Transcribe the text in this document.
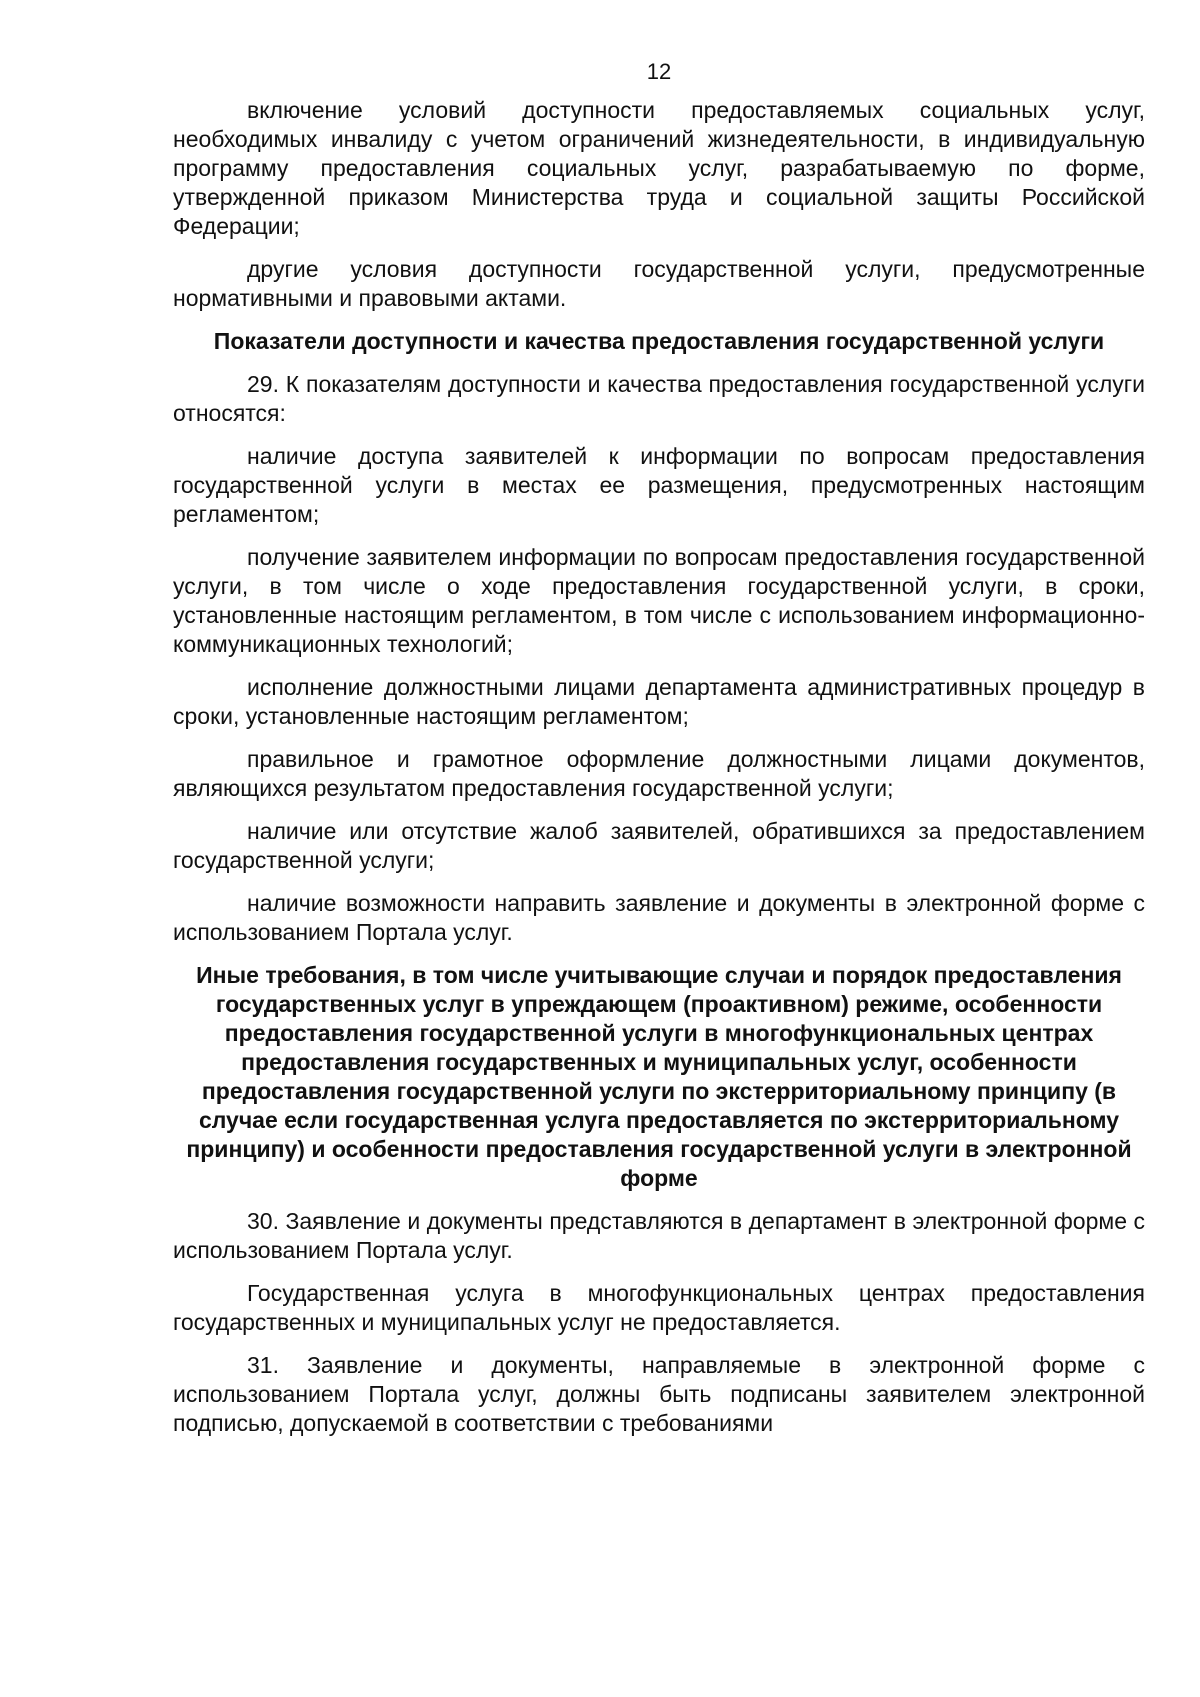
12

включение условий доступности предоставляемых социальных услуг, необходимых инвалиду с учетом ограничений жизнедеятельности, в индивидуальную программу предоставления социальных услуг, разрабатываемую по форме, утвержденной приказом Министерства труда и социальной защиты Российской Федерации;

другие условия доступности государственной услуги, предусмотренные нормативными и правовыми актами.

Показатели доступности и качества предоставления государственной услуги

29. К показателям доступности и качества предоставления государственной услуги относятся:

наличие доступа заявителей к информации по вопросам предоставления государственной услуги в местах ее размещения, предусмотренных настоящим регламентом;

получение заявителем информации по вопросам предоставления государственной услуги, в том числе о ходе предоставления государственной услуги, в сроки, установленные настоящим регламентом, в том числе с использованием информационно-коммуникационных технологий;

исполнение должностными лицами департамента административных процедур в сроки, установленные настоящим регламентом;

правильное и грамотное оформление должностными лицами документов, являющихся результатом предоставления государственной услуги;

наличие или отсутствие жалоб заявителей, обратившихся за предоставлением государственной услуги;

наличие возможности направить заявление и документы в электронной форме с использованием Портала услуг.

Иные требования, в том числе учитывающие случаи и порядок предоставления государственных услуг в упреждающем (проактивном) режиме, особенности предоставления государственной услуги в многофункциональных центрах предоставления государственных и муниципальных услуг, особенности предоставления государственной услуги по экстерриториальному принципу (в случае если государственная услуга предоставляется по экстерриториальному принципу) и особенности предоставления государственной услуги в электронной форме

30. Заявление и документы представляются в департамент в электронной форме с использованием Портала услуг.

Государственная услуга в многофункциональных центрах предоставления государственных и муниципальных услуг не предоставляется.

31. Заявление и документы, направляемые в электронной форме с использованием Портала услуг, должны быть подписаны заявителем электронной подписью, допускаемой в соответствии с требованиями
